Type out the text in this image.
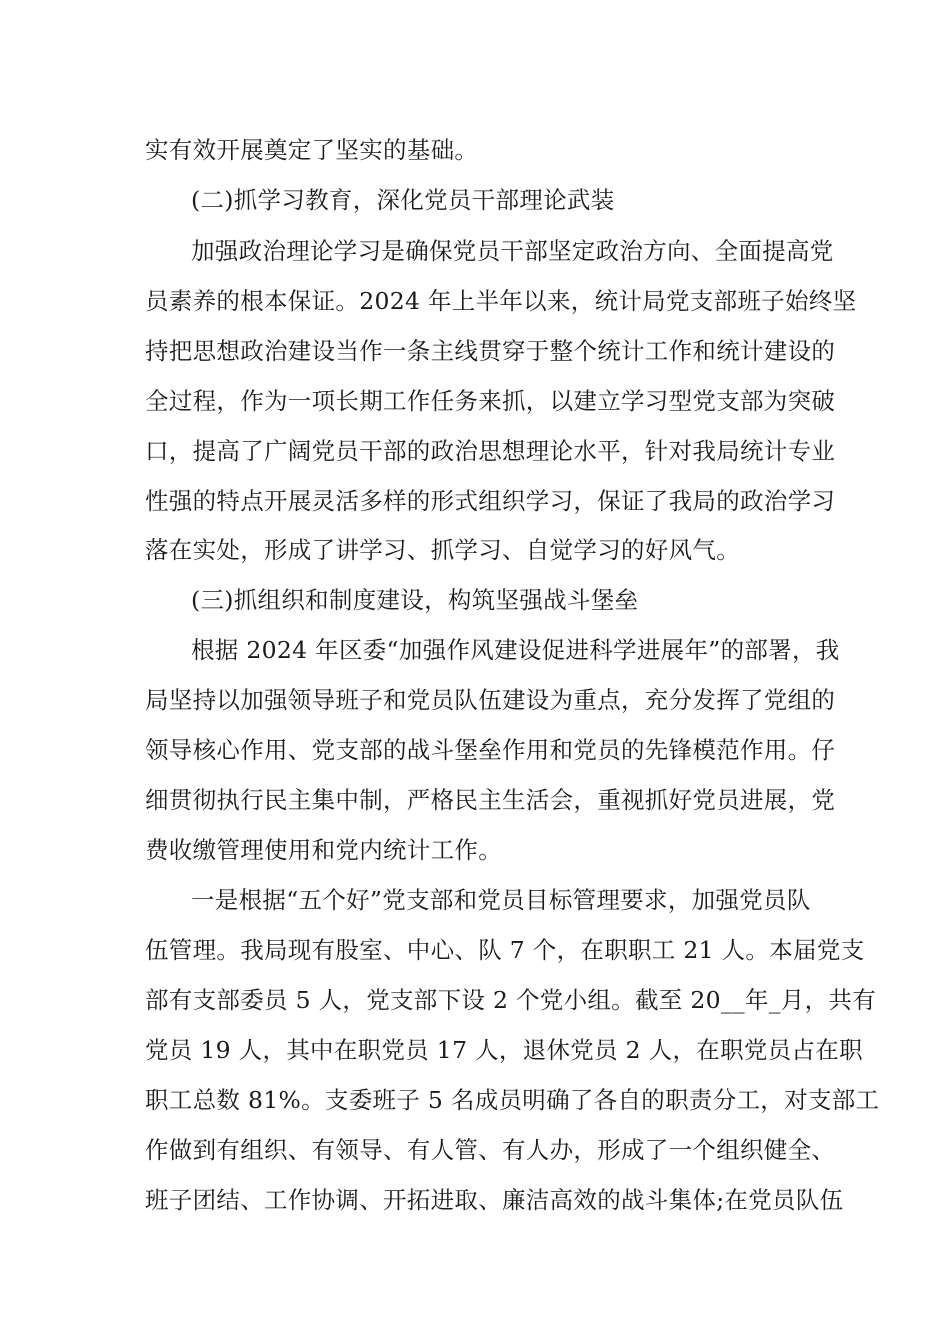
实有效开展奠定了坚实的基础。
(二)抓学习教育，深化党员干部理论武装
加强政治理论学习是确保党员干部坚定政治方向、全面提高党
员素养的根本保证。2024 年上半年以来，统计局党支部班子始终坚
持把思想政治建设当作一条主线贯穿于整个统计工作和统计建设的
全过程，作为一项长期工作任务来抓，以建立学习型党支部为突破
口，提高了广阔党员干部的政治思想理论水平，针对我局统计专业
性强的特点开展灵活多样的形式组织学习，保证了我局的政治学习
落在实处，形成了讲学习、抓学习、自觉学习的好风气。
(三)抓组织和制度建设，构筑坚强战斗堡垒
根据 2024 年区委“加强作风建设促进科学进展年”的部署，我
局坚持以加强领导班子和党员队伍建设为重点，充分发挥了党组的
领导核心作用、党支部的战斗堡垒作用和党员的先锋模范作用。仔
细贯彻执行民主集中制，严格民主生活会，重视抓好党员进展，党
费收缴管理使用和党内统计工作。
一是根据“五个好”党支部和党员目标管理要求，加强党员队
伍管理。我局现有股室、中心、队 7 个，在职职工 21 人。本届党支
部有支部委员 5 人，党支部下设 2 个党小组。截至 20__年_月，共有
党员 19 人，其中在职党员 17 人，退休党员 2 人，在职党员占在职
职工总数 81%。支委班子 5 名成员明确了各自的职责分工，对支部工
作做到有组织、有领导、有人管、有人办，形成了一个组织健全、
班子团结、工作协调、开拓进取、廉洁高效的战斗集体;在党员队伍
